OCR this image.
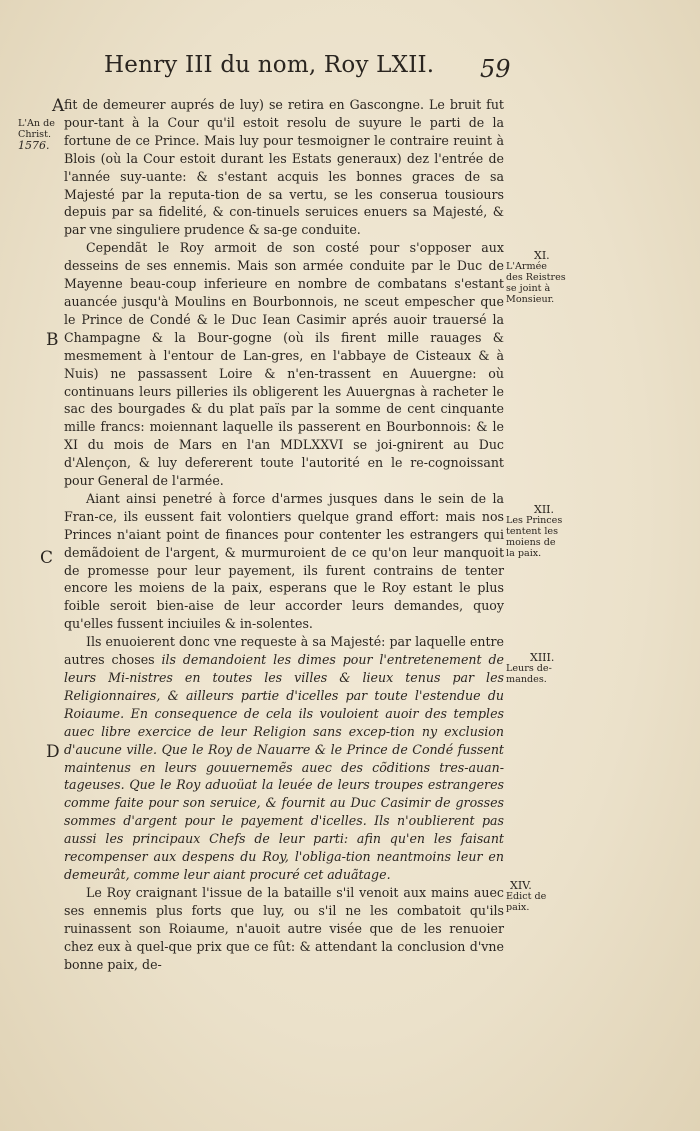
Henry III du nom, Roy LXII.	59
A
L'An de
Christ.
1576.
B
C
D
XI.
L'Armée
des Reistres
se joint à
Monsieur.
XII.
Les Princes
tentent les
moiens de
la paix.
XIII.
Leurs de-
mandes.
XIV.
Edict de
paix.

fit de demeurer auprés de luy) se retira en Gascongne. Le bruit fut pour-tant à la Cour qu'il estoit resolu de suyure le parti de la fortune de ce Prince. Mais luy pour tesmoigner le contraire reuint à Blois (où la Cour estoit durant les Estats generaux) dez l'entrée de l'année suy-uante: & s'estant acquis les bonnes graces de sa Majesté par la reputa-tion de sa vertu, se les conserua tousiours depuis par sa fidelité, & con-tinuels seruices enuers sa Majesté, & par vne singuliere prudence & sa-ge conduite.

Cependãt le Roy armoit de son costé pour s'opposer aux desseins de ses ennemis. Mais son armée conduite par le Duc de Mayenne beau-coup inferieure en nombre de combatans s'estant auancée jusqu'à Moulins en Bourbonnois, ne sceut empescher que le Prince de Condé & le Duc Iean Casimir aprés auoir trauersé la Champagne & la Bour-gogne (où ils firent mille rauages & mesmement à l'entour de Lan-gres, en l'abbaye de Cisteaux & à Nuis) ne passassent Loire & n'en-trassent en Auuergne: où continuans leurs pilleries ils obligerent les Auuergnas à racheter le sac des bourgades & du plat païs par la somme de cent cinquante mille francs: moiennant laquelle ils passerent en Bourbonnois: & le XI du mois de Mars en l'an MDLXXVI se joi-gnirent au Duc d'Alençon, & luy defererent toute l'autorité en le re-cognoissant pour General de l'armée.

Aiant ainsi penetré à force d'armes jusques dans le sein de la Fran-ce, ils eussent fait volontiers quelque grand effort: mais nos Princes n'aiant point de finances pour contenter les estrangers qui demãdoient de l'argent, & murmuroient de ce qu'on leur manquoit de promesse pour leur payement, ils furent contrains de tenter encore les moiens de la paix, esperans que le Roy estant le plus foible seroit bien-aise de leur accorder leurs demandes, quoy qu'elles fussent inciuiles & in-solentes.

Ils enuoierent donc vne requeste à sa Majesté: par laquelle entre autres choses ils demandoient les dimes pour l'entretenement de leurs Mi-nistres en toutes les villes & lieux tenus par les Religionnaires, & ailleurs partie d'icelles par toute l'estendue du Roiaume. En consequence de cela ils vouloient auoir des temples auec libre exercice de leur Religion sans excep-tion ny exclusion d'aucune ville. Que le Roy de Nauarre & le Prince de Condé fussent maintenus en leurs gouuernemẽs auec des cõditions tres-auan-tageuses. Que le Roy aduoüat la leuée de leurs troupes estrangeres comme faite pour son seruice, & fournit au Duc Casimir de grosses sommes d'argent pour le payement d'icelles. Ils n'oublierent pas aussi les principaux Chefs de leur parti: afin qu'en les faisant recompenser aux despens du Roy, l'obliga-tion neantmoins leur en demeurât, comme leur aiant procuré cet aduãtage.

Le Roy craignant l'issue de la bataille s'il venoit aux mains auec ses ennemis plus forts que luy, ou s'il ne les combatoit qu'ils ruinassent son Roiaume, n'auoit autre visée que de les renuoier chez eux à quel-que prix que ce fût: & attendant la conclusion d'vne bonne paix, de-
